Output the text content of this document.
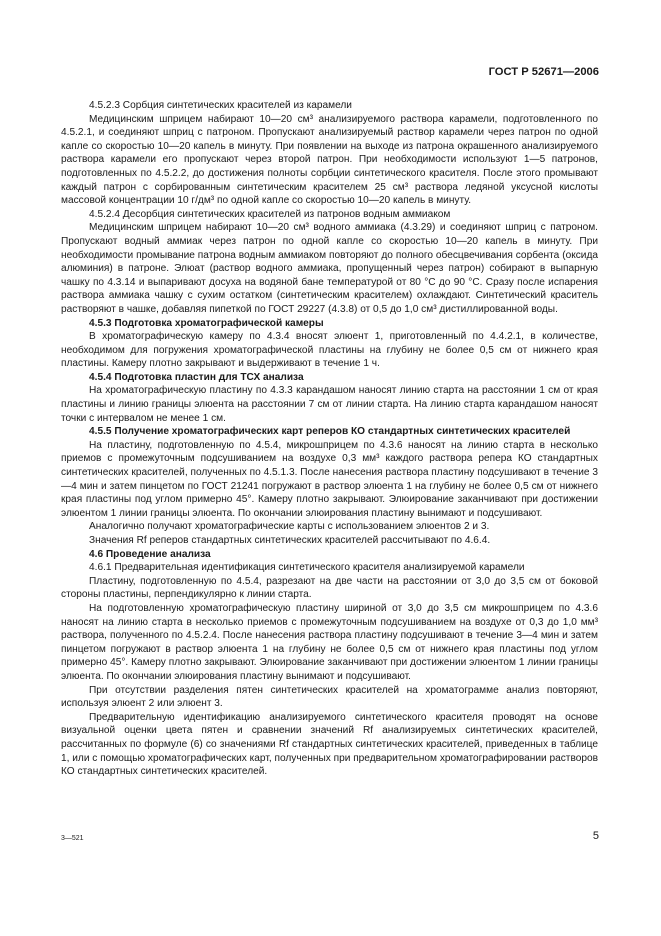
ГОСТ Р 52671—2006

4.5.2.3 Сорбция синтетических красителей из карамели

Медицинским шприцем набирают 10—20 см³ анализируемого раствора карамели, подготовленного по 4.5.2.1, и соединяют шприц с патроном. Пропускают анализируемый раствор карамели через патрон по одной капле со скоростью 10—20 капель в минуту. При появлении на выходе из патрона окрашенного анализируемого раствора карамели его пропускают через второй патрон. При необходимости используют 1—5 патронов, подготовленных по 4.5.2.2, до достижения полноты сорбции синтетического красителя. После этого промывают каждый патрон с сорбированным синтетическим красителем 25 см³ раствора ледяной уксусной кислоты массовой концентрации 10 г/дм³ по одной капле со скоростью 10—20 капель в минуту.

4.5.2.4 Десорбция синтетических красителей из патронов водным аммиаком

Медицинским шприцем набирают 10—20 см³ водного аммиака (4.3.29) и соединяют шприц с патроном. Пропускают водный аммиак через патрон по одной капле со скоростью 10—20 капель в минуту. При необходимости промывание патрона водным аммиаком повторяют до полного обесцвечивания сорбента (оксида алюминия) в патроне. Элюат (раствор водного аммиака, пропущенный через патрон) собирают в выпарную чашку по 4.3.14 и выпаривают досуха на водяной бане температурой от 80 °С до 90 °С. Сразу после испарения раствора аммиака чашку с сухим остатком (синтетическим красителем) охлаждают. Синтетический краситель растворяют в чашке, добавляя пипеткой по ГОСТ 29227 (4.3.8) от 0,5 до 1,0 см³ дистиллированной воды.

4.5.3 Подготовка хроматографической камеры

В хроматографическую камеру по 4.3.4 вносят элюент 1, приготовленный по 4.4.2.1, в количестве, необходимом для погружения хроматографической пластины на глубину не более 0,5 см от нижнего края пластины. Камеру плотно закрывают и выдерживают в течение 1 ч.

4.5.4 Подготовка пластин для ТСХ анализа

На хроматографическую пластину по 4.3.3 карандашом наносят линию старта на расстоянии 1 см от края пластины и линию границы элюента на расстоянии 7 см от линии старта. На линию старта карандашом наносят точки с интервалом не менее 1 см.

4.5.5 Получение хроматографических карт реперов КО стандартных синтетических красителей

На пластину, подготовленную по 4.5.4, микрошприцем по 4.3.6 наносят на линию старта в несколько приемов с промежуточным подсушиванием на воздухе 0,3 мм³ каждого раствора репера КО стандартных синтетических красителей, полученных по 4.5.1.3. После нанесения раствора пластину подсушивают в течение 3—4 мин и затем пинцетом по ГОСТ 21241 погружают в раствор элюента 1 на глубину не более 0,5 см от нижнего края пластины под углом примерно 45°. Камеру плотно закрывают. Элюирование заканчивают при достижении элюентом 1 линии границы элюента. По окончании элюирования пластину вынимают и подсушивают.

Аналогично получают хроматографические карты с использованием элюентов 2 и 3.

Значения Rf реперов стандартных синтетических красителей рассчитывают по 4.6.4.

4.6 Проведение анализа

4.6.1 Предварительная идентификация синтетического красителя анализируемой карамели

Пластину, подготовленную по 4.5.4, разрезают на две части на расстоянии от 3,0 до 3,5 см от боковой стороны пластины, перпендикулярно к линии старта.

На подготовленную хроматографическую пластину шириной от 3,0 до 3,5 см микрошприцем по 4.3.6 наносят на линию старта в несколько приемов с промежуточным подсушиванием на воздухе от 0,3 до 1,0 мм³ раствора, полученного по 4.5.2.4. После нанесения раствора пластину подсушивают в течение 3—4 мин и затем пинцетом погружают в раствор элюента 1 на глубину не более 0,5 см от нижнего края пластины под углом примерно 45°. Камеру плотно закрывают. Элюирование заканчивают при достижении элюентом 1 линии границы элюента. По окончании элюирования пластину вынимают и подсушивают.

При отсутствии разделения пятен синтетических красителей на хроматограмме анализ повторяют, используя элюент 2 или элюент 3.

Предварительную идентификацию анализируемого синтетического красителя проводят на основе визуальной оценки цвета пятен и сравнении значений Rf анализируемых синтетических красителей, рассчитанных по формуле (6) со значениями Rf стандартных синтетических красителей, приведенных в таблице 1, или с помощью хроматографических карт, полученных при предварительном хроматографировании растворов КО стандартных синтетических красителей.

3—521	5
